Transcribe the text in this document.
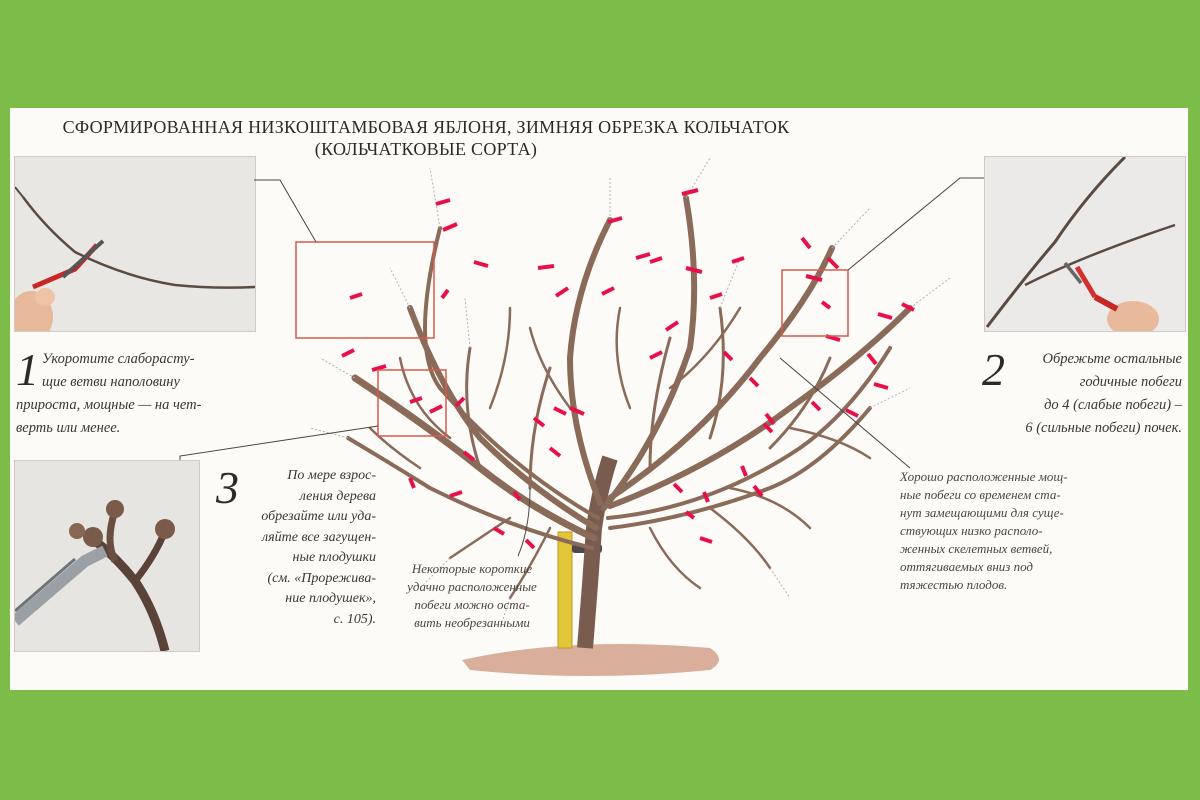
СФОРМИРОВАННАЯ НИЗКОШТАМБОВАЯ ЯБЛОНЯ, ЗИМНЯЯ ОБРЕЗКА КОЛЬЧАТОК
(КОЛЬЧАТКОВЫЕ СОРТА)
1 Укоротите слабораcту-
щие ветви наполовину
прироста, мощные — на чет-
верть или менее.
2	Обрежьте остальные
годичные побеги
до 4 (слабые побеги) –
6 (сильные побеги) почек.
3	По мере взрос-
ления дерева
обрезайте или уда-
ляйте все загущен-
ные плодушки
(см. «Прореживa-
ние плодушек»,
с. 105).
Некоторые короткие
удачно расположенные
побеги можно оста-
вить необрезанными
Хорошо расположенные мощ-
ные побеги со временем ста-
нут замещающими для суще-
ствующих низко располо-
женных скелетных ветвей,
оттягиваемых вниз под
тяжестью плодов.
